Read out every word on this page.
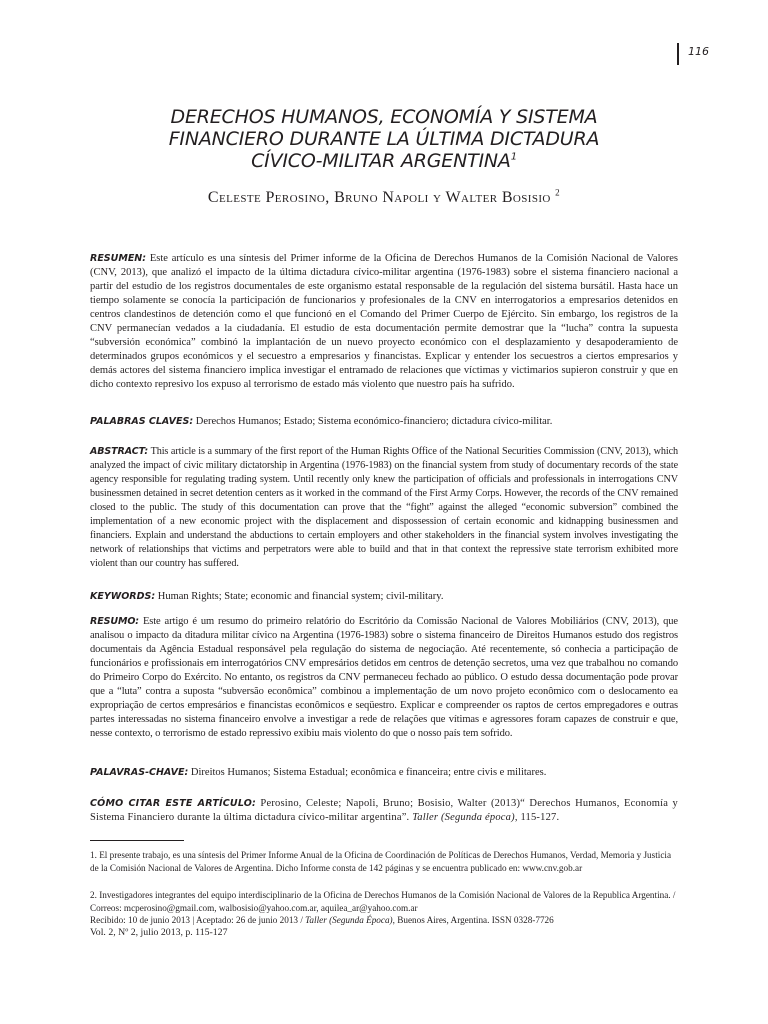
116
DERECHOS HUMANOS, ECONOMÍA Y SISTEMA
FINANCIERO DURANTE LA ÚLTIMA DICTADURA
CÍVICO-MILITAR ARGENTINA$^1$
Celeste Perosino, Bruno Napoli y Walter Bosisio $^2$
RESUMEN: Este artículo es una síntesis del Primer informe de la Oficina de Derechos Humanos de la Comisión Nacional de Valores (CNV, 2013), que analizó el impacto de la última dictadura cívico-militar argentina (1976-1983) sobre el sistema financiero nacional a partir del estudio de los registros documentales de este organismo estatal responsable de la regulación del sistema bursátil. Hasta hace un tiempo solamente se conocía la participación de funcionarios y profesionales de la CNV en interrogatorios a empresarios detenidos en centros clandestinos de detención como el que funcionó en el Comando del Primer Cuerpo de Ejército. Sin embargo, los registros de la CNV permanecían vedados a la ciudadanía. El estudio de esta documentación permite demostrar que la “lucha” contra la supuesta “subversión económica” combinó la implantación de un nuevo proyecto económico con el desplazamiento y desapoderamiento de determinados grupos económicos y el secuestro a empresarios y financistas. Explicar y entender los secuestros a ciertos empresarios y demás actores del sistema financiero implica investigar el entramado de relaciones que víctimas y victimarios supieron construir y que en dicho contexto represivo los expuso al terrorismo de estado más violento que nuestro país ha sufrido.
PALABRAS CLAVES: Derechos Humanos; Estado; Sistema económico-financiero; dictadura cívico-militar.
ABSTRACT: This article is a summary of the first report of the Human Rights Office of the National Securities Commission (CNV, 2013), which analyzed the impact of civic military dictatorship in Argentina (1976-1983) on the financial system from study of documentary records of the state agency responsible for regulating trading system. Until recently only knew the participation of officials and professionals in interrogations CNV businessmen detained in secret detention centers as it worked in the command of the First Army Corps. However, the records of the CNV remained closed to the public. The study of this documentation can prove that the “fight” against the alleged “economic subversion” combined the implementation of a new economic project with the displacement and dispossession of certain economic and kidnapping businessmen and financiers. Explain and understand the abductions to certain employers and other stakeholders in the financial system involves investigating the network of relationships that victims and perpetrators were able to build and that in that context the repressive state terrorism exhibited more violent than our country has suffered.
KEYWORDS: Human Rights; State; economic and financial system; civil-military.
RESUMO: Este artigo é um resumo do primeiro relatório do Escritório da Comissão Nacional de Valores Mobiliários (CNV, 2013), que analisou o impacto da ditadura militar cívico na Argentina (1976-1983) sobre o sistema financeiro de Direitos Humanos estudo dos registros documentais da Agência Estadual responsável pela regulação do sistema de negociação. Até recentemente, só conhecia a participação de funcionários e profissionais em interrogatórios CNV empresários detidos em centros de detenção secretos, uma vez que trabalhou no comando do Primeiro Corpo do Exército. No entanto, os registros da CNV permaneceu fechado ao público. O estudo dessa documentação pode provar que a “luta” contra a suposta “subversão econômica” combinou a implementação de um novo projeto econômico com o deslocamento ea expropriação de certos empresários e financistas econômicos e seqüestro. Explicar e compreender os raptos de certos empregadores e outras partes interessadas no sistema financeiro envolve a investigar a rede de relações que vítimas e agressores foram capazes de construir e que, nesse contexto, o terrorismo de estado repressivo exibiu mais violento do que o nosso país tem sofrido.
PALAVRAS-CHAVE: Direitos Humanos; Sistema Estadual; econômica e financeira; entre civis e militares.
CÓMO CITAR ESTE ARTÍCULO: Perosino, Celeste; Napoli, Bruno; Bosisio, Walter (2013)“ Derechos Humanos, Economía y Sistema Financiero durante la última dictadura cívico-militar argentina”. Taller (Segunda época), 115-127.
1. El presente trabajo, es una síntesis del Primer Informe Anual de la Oficina de Coordinación de Políticas de Derechos Humanos, Verdad, Memoria y Justicia de la Comisión Nacional de Valores de Argentina. Dicho Informe consta de 142 páginas y se encuentra publicado en: www.cnv.gob.ar
2. Investigadores integrantes del equipo interdisciplinario de la Oficina de Derechos Humanos de la Comisión Nacional de Valores de la Republica Argentina. / Correos: mcperosino@gmail.com, walbosisio@yahoo.com.ar, aquilea_ar@yahoo.com.ar
Recibido: 10 de junio 2013 | Aceptado: 26 de junio 2013 / Taller (Segunda Época), Buenos Aires, Argentina. ISSN 0328-7726
Vol. 2, Nº 2, julio 2013, p. 115-127
